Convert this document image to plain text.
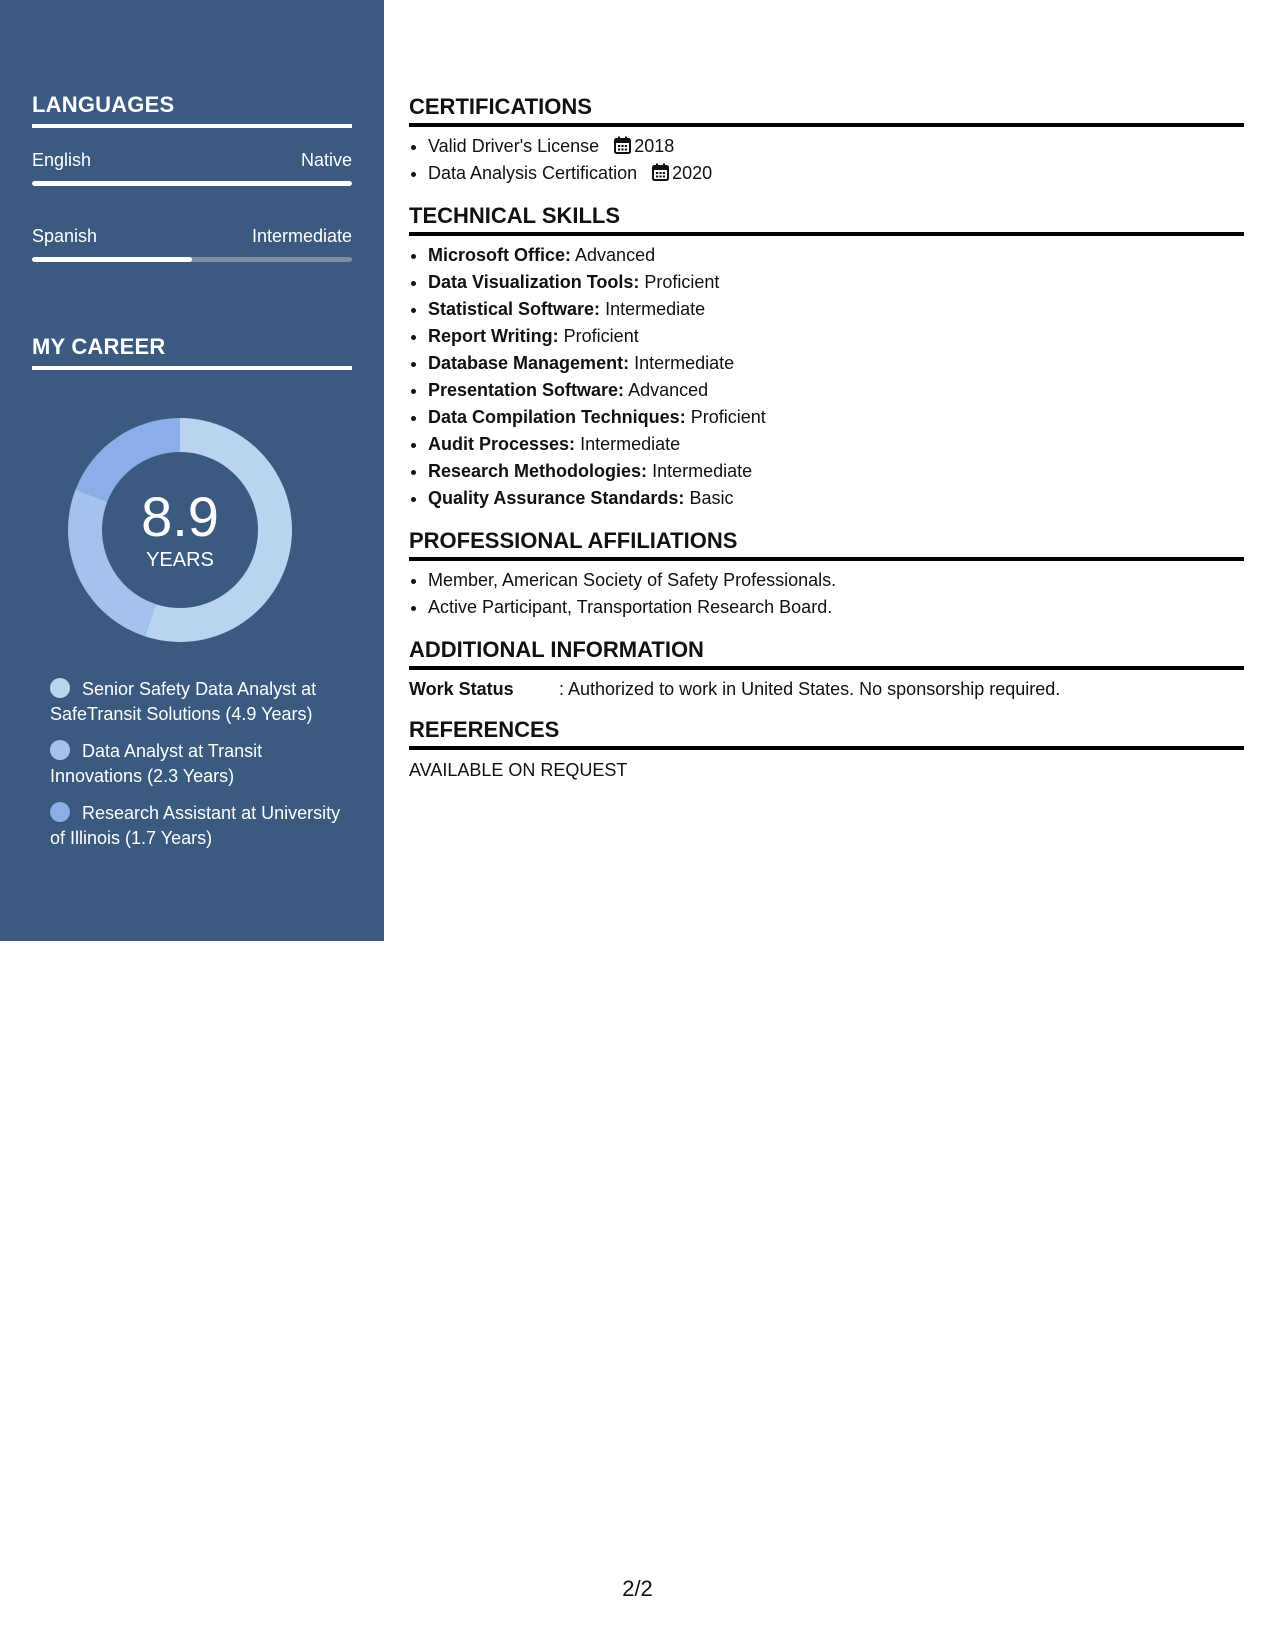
LANGUAGES
English	Native
Spanish	Intermediate
MY CAREER
8.9
YEARS
Senior Safety Data Analyst at SafeTransit Solutions (4.9 Years)
Data Analyst at Transit Innovations (2.3 Years)
Research Assistant at University of Illinois (1.7 Years)
CERTIFICATIONS
• Valid Driver's License 2018
• Data Analysis Certification 2020
TECHNICAL SKILLS
• Microsoft Office: Advanced
• Data Visualization Tools: Proficient
• Statistical Software: Intermediate
• Report Writing: Proficient
• Database Management: Intermediate
• Presentation Software: Advanced
• Data Compilation Techniques: Proficient
• Audit Processes: Intermediate
• Research Methodologies: Intermediate
• Quality Assurance Standards: Basic
PROFESSIONAL AFFILIATIONS
• Member, American Society of Safety Professionals.
• Active Participant, Transportation Research Board.
ADDITIONAL INFORMATION
Work Status	: Authorized to work in United States. No sponsorship required.
REFERENCES

AVAILABLE ON REQUEST

2/2
